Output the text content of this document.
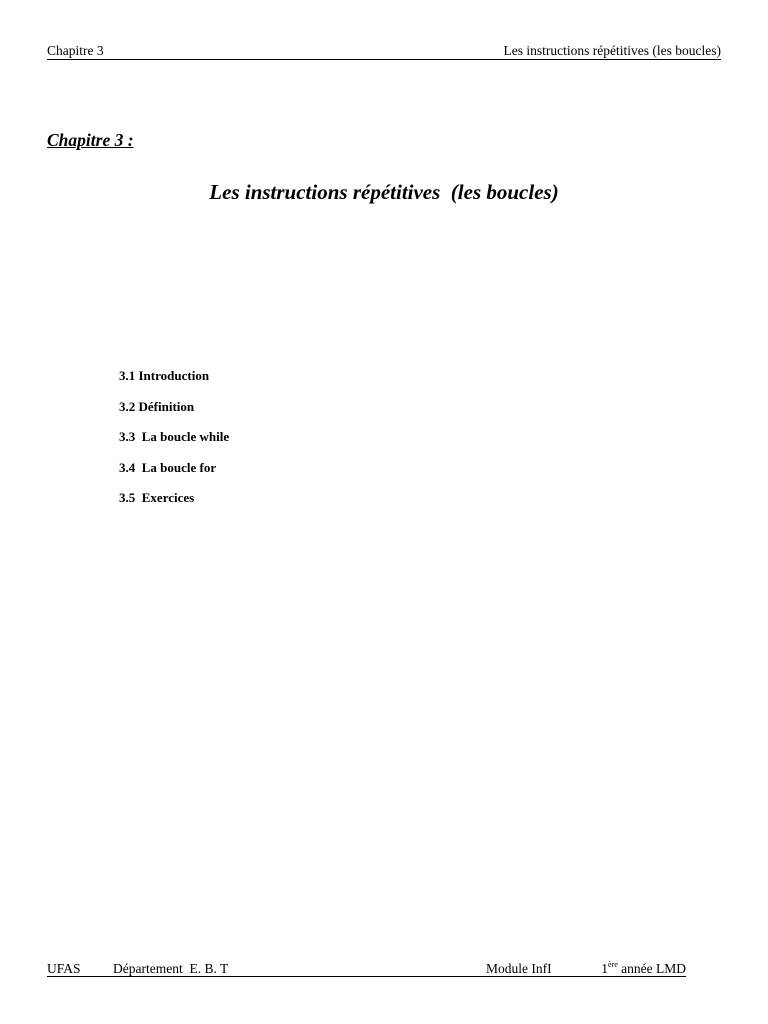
Chapitre 3	Les instructions répétitives (les boucles)
Chapitre 3 :
Les instructions répétitives  (les boucles)
3.1 Introduction
3.2 Définition
3.3  La boucle while
3.4  La boucle for
3.5  Exercices
UFAS Département  E. B. T	Module InfI	1ère année LMD
